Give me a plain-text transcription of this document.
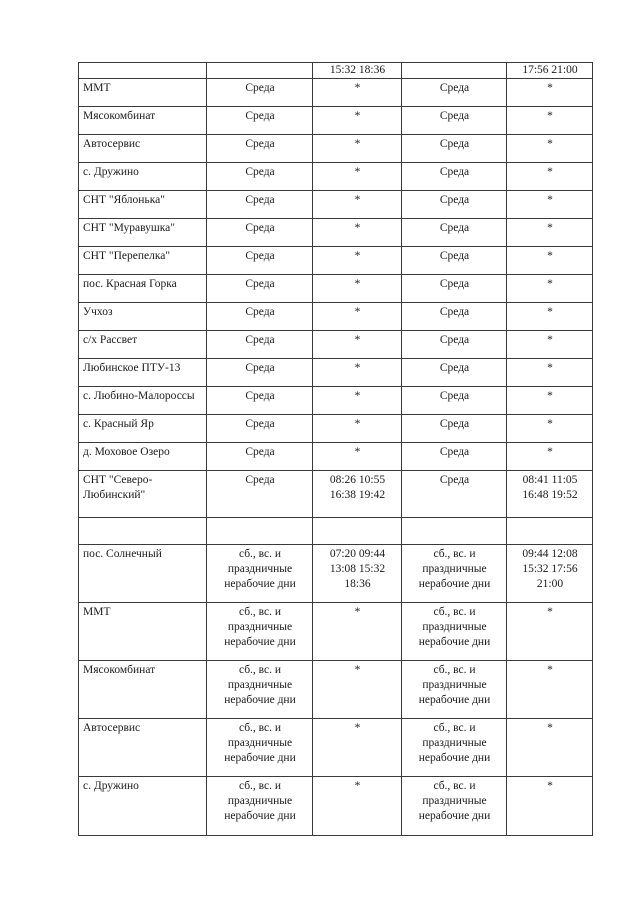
		15:32 18:36		17:56 21:00
ММТ	Среда	*	Среда	*
Мясокомбинат	Среда	*	Среда	*
Автосервис	Среда	*	Среда	*
с. Дружино	Среда	*	Среда	*
СНТ "Яблонька"	Среда	*	Среда	*
СНТ "Муравушка"	Среда	*	Среда	*
СНТ "Перепелка"	Среда	*	Среда	*
пос. Красная Горка	Среда	*	Среда	*
Учхоз	Среда	*	Среда	*
с/х Рассвет	Среда	*	Среда	*
Любинское ПТУ-13	Среда	*	Среда	*
с. Любино-Малороссы	Среда	*	Среда	*
с. Красный Яр	Среда	*	Среда	*
д. Моховое Озеро	Среда	*	Среда	*
СНТ "Северо-Любинский"	Среда	08:26 10:55 16:38 19:42	Среда	08:41 11:05 16:48 19:52

пос. Солнечный	сб., вс. и праздничные нерабочие дни	07:20 09:44 13:08 15:32 18:36	сб., вс. и праздничные нерабочие дни	09:44 12:08 15:32 17:56 21:00
ММТ	сб., вс. и праздничные нерабочие дни	*	сб., вс. и праздничные нерабочие дни	*
Мясокомбинат	сб., вс. и праздничные нерабочие дни	*	сб., вс. и праздничные нерабочие дни	*
Автосервис	сб., вс. и праздничные нерабочие дни	*	сб., вс. и праздничные нерабочие дни	*
с. Дружино	сб., вс. и праздничные нерабочие дни	*	сб., вс. и праздничные нерабочие дни	*
